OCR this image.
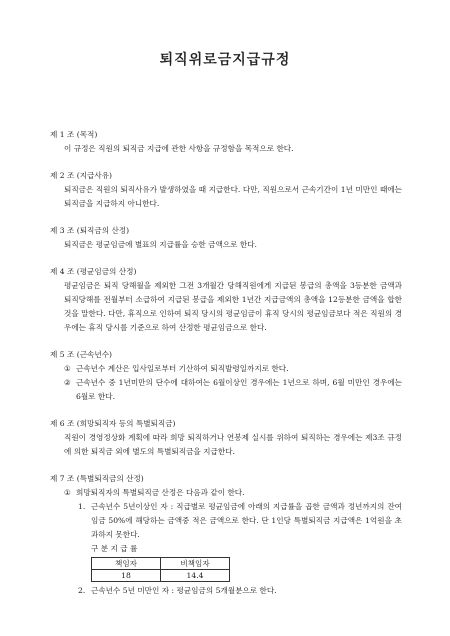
퇴직위로금지급규정
제 1 조 (목적)
이 규정은 직원의 퇴직금 지급에 관한 사항을 규정함을 목적으로 한다.
제 2 조 (지급사유)
퇴직금은 직원의 퇴직사유가 발생하였을 때 지급한다. 다만, 직원으로서 근속기간이 1년 미만인 때에는 퇴직금을 지급하지 아니한다.
제 3 조 (퇴직금의 산정)
퇴직금은 평균임금에 별표의 지급률을 승한 금액으로 한다.
제 4 조 (평균임금의 산정)
평균임금은 퇴직 당해월을 제외한 그전 3개월간 당해직원에게 지급된 봉급의 총액을 3등분한 금액과 퇴직당해를 전월부터 소급하여 지급된 봉급을 제외한 1년간 지급금액의 총액을 12등분한 금액을 합한 것을 말한다. 다만, 휴직으로 인하여 퇴직 당시의 평균임금이 휴직 당시의 평균임금보다 적은 직원의 경우에는 휴직 당시를 기준으로 하여 산정한 평균임금으로 한다.
제 5 조 (근속년수)
① 근속년수 계산은 입사일로부터 기산하여 퇴직발령일까지로 한다.
② 근속년수 중 1년미만의 단수에 대하여는 6월이상인 경우에는 1년으로 하며, 6월 미만인 경우에는 6월로 한다.
제 6 조 (희망퇴직자 등의 특별퇴직금)
직원이 경영정상화 계획에 따라 희망 퇴직하거나 연봉제 실시를 위하여 퇴직하는 경우에는 제3조 규정에 의한 퇴직금 외에 별도의 특별퇴직금을 지급한다.
제 7 조 (특별퇴직금의 산정)
① 희망퇴직자의 특별퇴직금 산정은 다음과 같이 한다.
1. 근속년수 5년이상인 자 : 직급별로 평균임금에 아래의 지급률을 곱한 금액과 정년까지의 잔여임금 50%에 해당하는 금액중 적은 금액으로 한다. 단 1인당 특별퇴직금 지급액은 1억원을 초과하지 못한다.
구 분 지 급 률
책임자	비책임자
18	14.4
2. 근속년수 5년 미만인 자 : 평균임금의 5개월분으로 한다.
